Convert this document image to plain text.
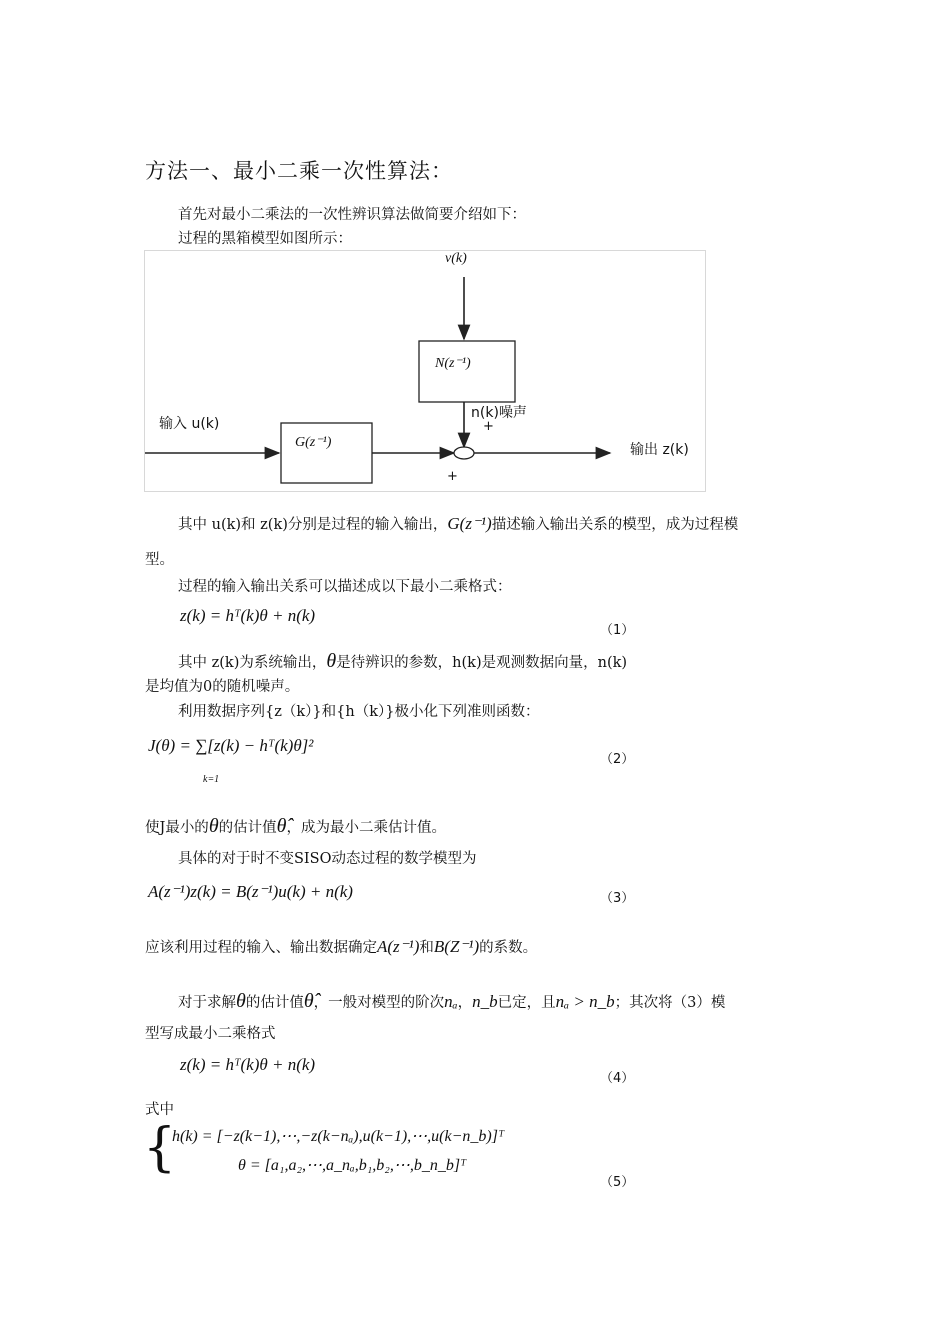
方法一、最小二乘一次性算法：
首先对最小二乘法的一次性辨识算法做简要介绍如下：
过程的黑箱模型如图所示：
v(k)
N(z⁻¹)
n(k)噪声
+
输入 u(k)
G(z⁻¹)	输出 z(k)
+
其中 u(k)和 z(k)分别是过程的输入输出，G(z⁻¹)描述输入输出关系的模型，成为过程模
型。
过程的输入输出关系可以描述成以下最小二乘格式：
z(k) = hᵀ(k)θ + n(k)
（1）
其中 z(k)为系统输出，θ是待辨识的参数，h(k)是观测数据向量，n(k)
是均值为0的随机噪声。
利用数据序列{z（k）}和{h（k）}极小化下列准则函数：
J(θ) = ∑[z(k) − hᵀ(k)θ]²
k=1
（2）
使J最小的θ的估计值θ̂，成为最小二乘估计值。
具体的对于时不变SISO动态过程的数学模型为
A(z⁻¹)z(k) = B(z⁻¹)u(k) + n(k)	（3）
应该利用过程的输入、输出数据确定A(z⁻¹)和B(Z⁻¹)的系数。
对于求解θ的估计值θ̂，一般对模型的阶次nₐ，n_b已定，且nₐ > n_b；其次将（3）模
型写成最小二乘格式
z(k) = hᵀ(k)θ + n(k)
（4）
式中
{
h(k) = [−z(k−1),⋯,−z(k−nₐ),u(k−1),⋯,u(k−n_b)]ᵀ
θ = [a₁,a₂,⋯,a_nₐ,b₁,b₂,⋯,b_n_b]ᵀ
（5）
